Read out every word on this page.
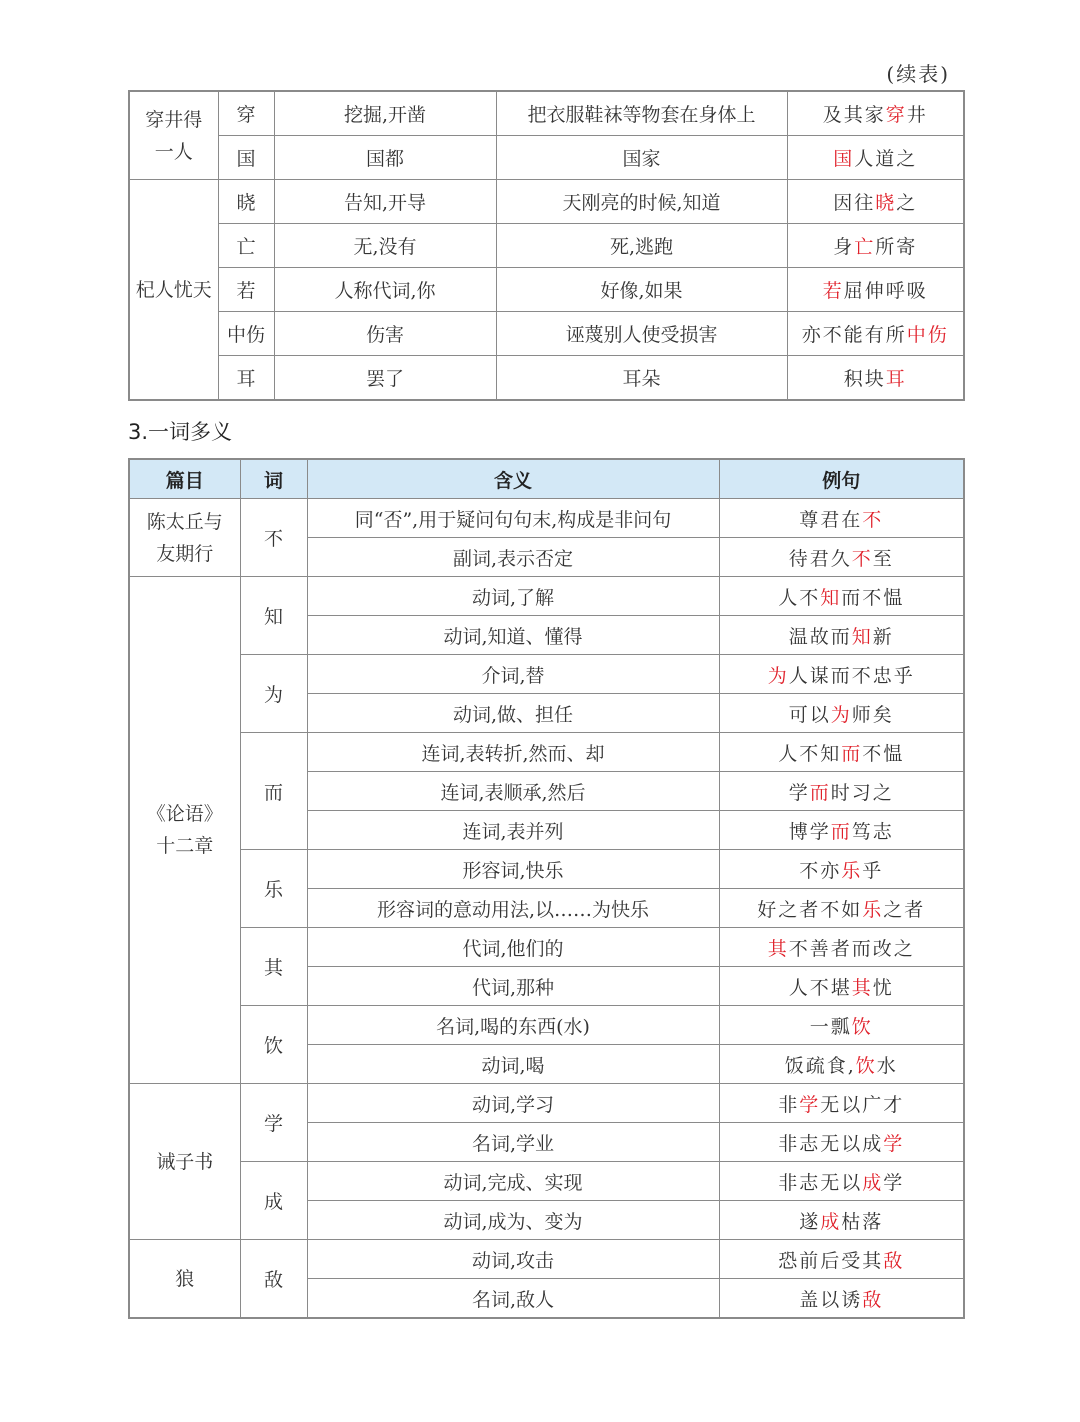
(续表)
穿井得
一人	穿	挖掘,开凿	把衣服鞋袜等物套在身体上	及其家穿井
	国	国都	国家	国人道之
杞人忧天	晓	告知,开导	天刚亮的时候,知道	因往晓之
	亡	无,没有	死,逃跑	身亡所寄
	若	人称代词,你	好像,如果	若屈伸呼吸
	中伤	伤害	诬蔑别人使受损害	亦不能有所中伤
	耳	罢了	耳朵	积块耳
3.一词多义
篇目	词	含义	例句
陈太丘与
友期行	不	同“否”,用于疑问句句末,构成是非问句	尊君在不
		副词,表示否定	待君久不至
《论语》
十二章	知	动词,了解	人不知而不愠
		动词,知道、懂得	温故而知新
	为	介词,替	为人谋而不忠乎
		动词,做、担任	可以为师矣
	而	连词,表转折,然而、却	人不知而不愠
		连词,表顺承,然后	学而时习之
		连词,表并列	博学而笃志
	乐	形容词,快乐	不亦乐乎
		形容词的意动用法,以……为快乐	好之者不如乐之者
	其	代词,他们的	其不善者而改之
		代词,那种	人不堪其忧
	饮	名词,喝的东西(水)	一瓢饮
		动词,喝	饭疏食,饮水
诫子书	学	动词,学习	非学无以广才
		名词,学业	非志无以成学
	成	动词,完成、实现	非志无以成学
		动词,成为、变为	遂成枯落
狼	敌	动词,攻击	恐前后受其敌
		名词,敌人	盖以诱敌
